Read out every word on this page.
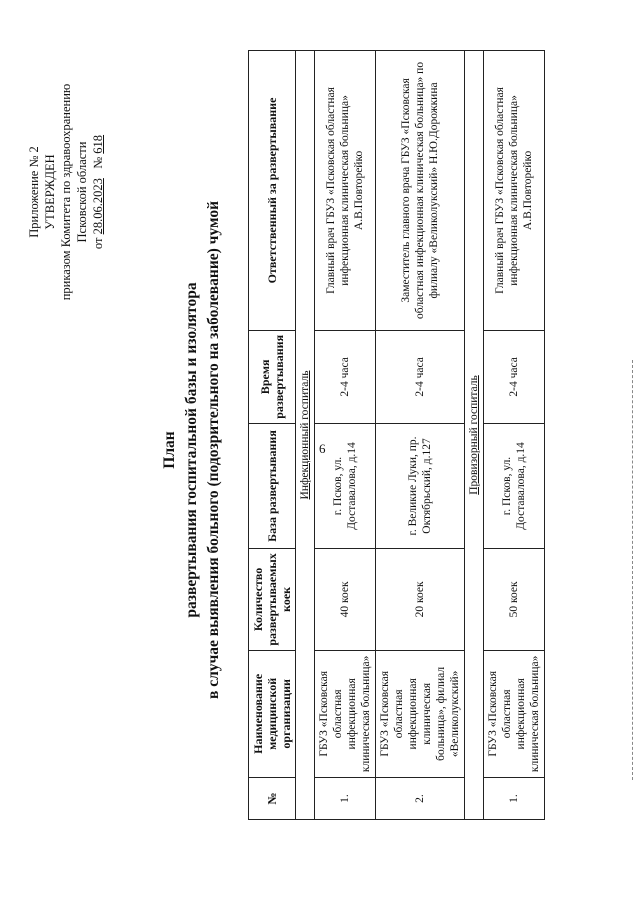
6
Приложение № 2 УТВЕРЖДЕН приказом Комитета по здравоохранению Псковской области
от 28.06.2023   № 618
План развертывания госпитальной базы и изолятора в случае выявления больного (подозрительного на заболевание) чумой
№	Наименование медицинской организации	Количество развертываемых коек	База развертывания	Время развертывания	Ответственный за развертывание
Инфекционный госпиталь					
1.	ГБУЗ «Псковская областная инфекционная клиническая больница»	40 коек	г. Псков, ул. Доставалова, д.14	2-4 часа	Главный врач ГБУЗ «Псковская областная инфекционная клиническая больница» А.В.Повторейко
2.	ГБУЗ «Псковская областная инфекционная клиническая больница», филиал «Великолукский»	20 коек	г. Великие Луки, пр. Октябрьский, д.127	2-4 часа	Заместитель главного врача ГБУЗ «Псковская областная инфекционная клиническая больница» по филиалу «Великолукский» Н.Ю.Дорожкина
Провизорный госпиталь					
1.	ГБУЗ «Псковская областная инфекционная клиническая больница»	50 коек	г. Псков, ул. Доставалова, д.14	2-4 часа	Главный врач ГБУЗ «Псковская областная инфекционная клиническая больница» А.В.Повторейко
